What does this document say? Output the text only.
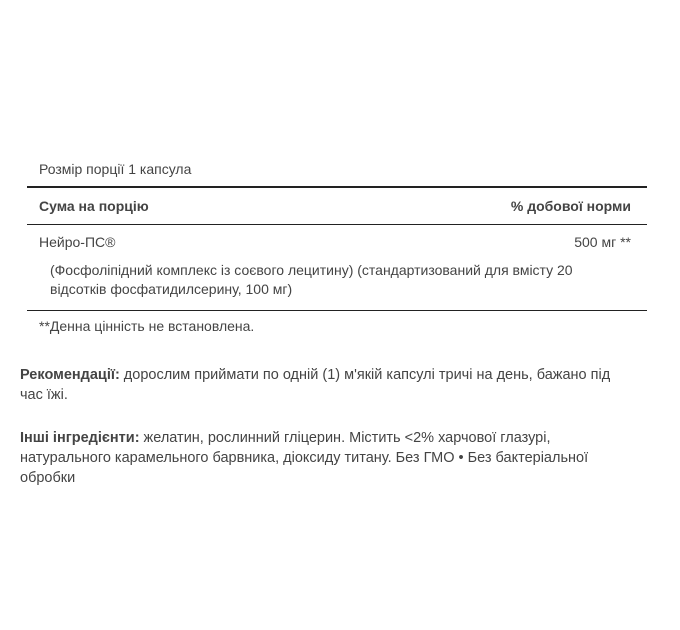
Розмір порції 1 капсула
Сума на порцію	% добової норми
Нейро-ПС®	500 мг **
(Фосфоліпідний комплекс із соєвого лецитину) (стандартизований для вмісту 20 відсотків фосфатидилсерину, 100 мг)
**Денна цінність не встановлена.
Рекомендації: дорослим приймати по одній (1) м'якій капсулі тричі на день, бажано під час їжі.
Інші інгредієнти: желатин, рослинний гліцерин. Містить <2% харчової глазурі, натурального карамельного барвника, діоксиду титану. Без ГМО • Без бактеріальної обробки
